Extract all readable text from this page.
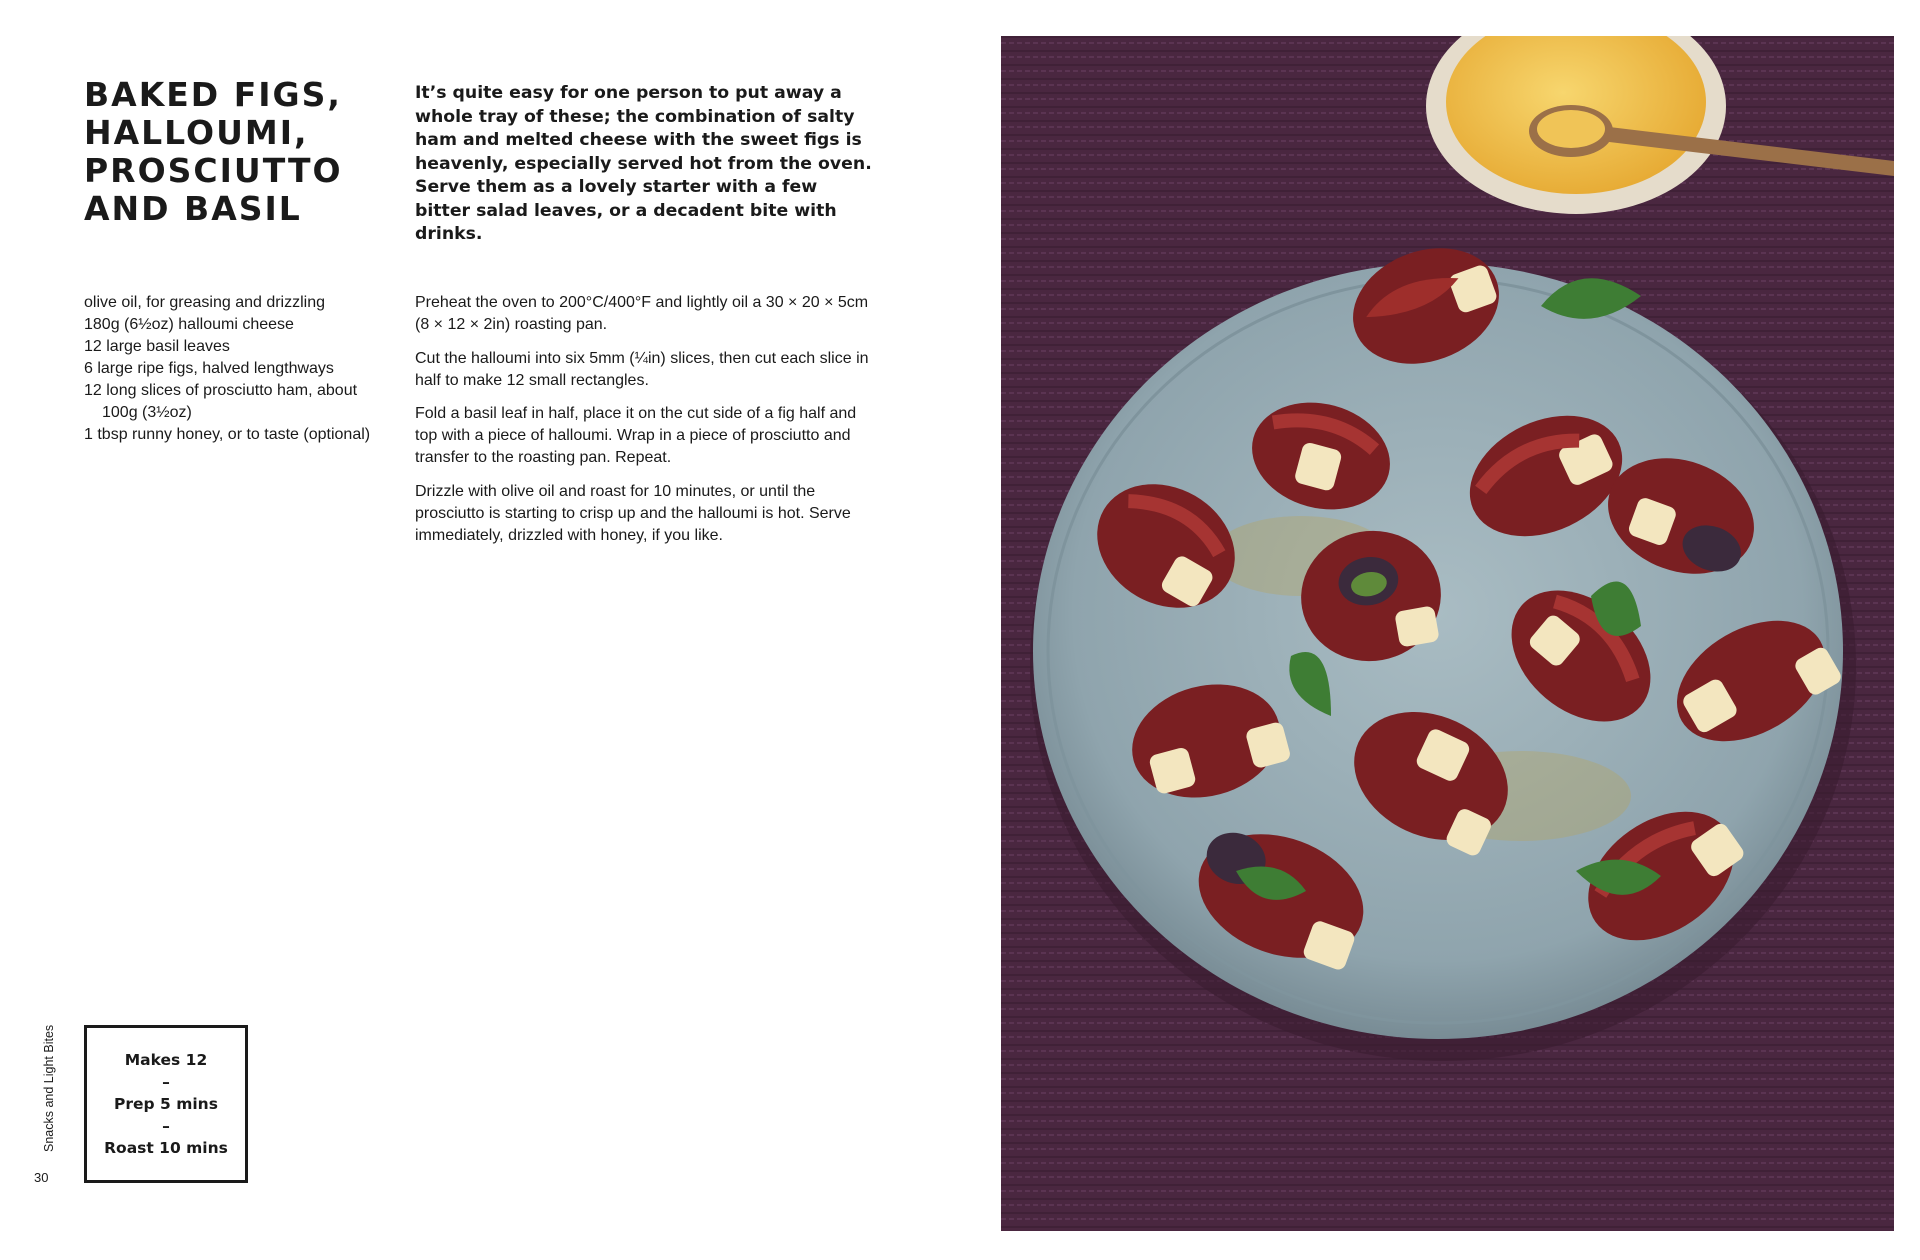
BAKED FIGS,
HALLOUMI,
PROSCIUTTO
AND BASIL

It’s quite easy for one person to put away a whole tray of these; the combination of salty ham and melted cheese with the sweet figs is heavenly, especially served hot from the oven. Serve them as a lovely starter with a few bitter salad leaves, or a decadent bite with drinks.

olive oil, for greasing and drizzling
180g (6½oz) halloumi cheese
12 large basil leaves
6 large ripe figs, halved lengthways
12 long slices of prosciutto ham, about 100g (3½oz)
1 tbsp runny honey, or to taste (optional)

Preheat the oven to 200°C/400°F and lightly oil a 30 × 20 × 5cm (8 × 12 × 2in) roasting pan.

Cut the halloumi into six 5mm (¼in) slices, then cut each slice in half to make 12 small rectangles.

Fold a basil leaf in half, place it on the cut side of a fig half and top with a piece of halloumi. Wrap in a piece of prosciutto and transfer to the roasting pan. Repeat.

Drizzle with olive oil and roast for 10 minutes, or until the prosciutto is starting to crisp up and the halloumi is hot. Serve immediately, drizzled with honey, if you like.

Makes 12
–
Prep 5 mins
–
Roast 10 mins
Snacks and Light Bites
30
